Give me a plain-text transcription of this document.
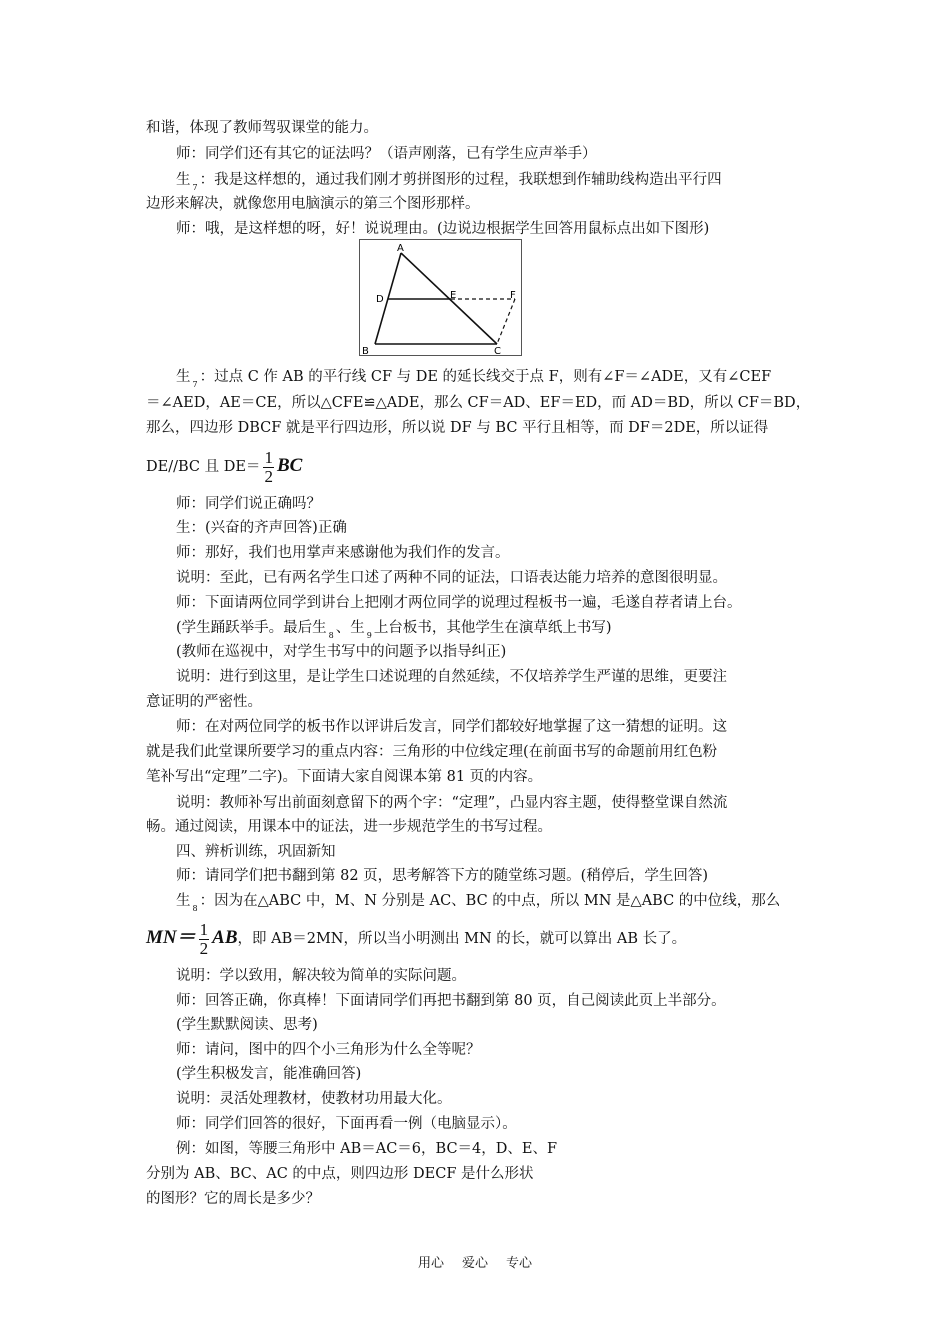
和谐，体现了教师驾驭课堂的能力。
师：同学们还有其它的证法吗？（语声刚落，已有学生应声举手）
生 $_7$ ：我是这样想的，通过我们刚才剪拼图形的过程，我联想到作辅助线构造出平行四
边形来解决，就像您用电脑演示的第三个图形那样。
师：哦，是这样想的呀，好！说说理由。(边说边根据学生回答用鼠标点出如下图形)
A
D	E	F
B	C
生 $_7$ ：过点 C 作 AB 的平行线 CF 与 DE 的延长线交于点 F，则有∠F＝∠ADE，又有∠CEF
＝∠AED，AE＝CE，所以△CFE≌△ADE，那么 CF＝AD、EF＝ED，而 AD＝BD，所以 CF＝BD，
那么，四边形 DBCF 就是平行四边形，所以说 DF 与 BC 平行且相等，而 DF＝2DE，所以证得
DE//BC 且 $DE= \frac{1}{2}$ BC
师：同学们说正确吗？
生：(兴奋的齐声回答)正确
师：那好，我们也用掌声来感谢他为我们作的发言。
说明：至此，已有两名学生口述了两种不同的证法，口语表达能力培养的意图很明显。
师：下面请两位同学到讲台上把刚才两位同学的说理过程板书一遍，毛遂自荐者请上台。
(学生踊跃举手。最后生 $_8$ 、生 $_9$ 上台板书，其他学生在演草纸上书写)
(教师在巡视中，对学生书写中的问题予以指导纠正)
说明：进行到这里，是让学生口述说理的自然延续，不仅培养学生严谨的思维，更要注
意证明的严密性。
师：在对两位同学的板书作以评讲后发言，同学们都较好地掌握了这一猜想的证明。这
就是我们此堂课所要学习的重点内容：三角形的中位线定理(在前面书写的命题前用红色粉
笔补写出“定理”二字)。下面请大家自阅课本第 81 页的内容。
说明：教师补写出前面刻意留下的两个字：“定理”，凸显内容主题，使得整堂课自然流
畅。通过阅读，用课本中的证法，进一步规范学生的书写过程。
四、辨析训练，巩固新知
师：请同学们把书翻到第 82 页，思考解答下方的随堂练习题。(稍停后，学生回答)
生 $_8$ ：因为在△ABC 中，M、N 分别是 AC、BC 的中点，所以 MN 是△ABC 的中位线，那么
$MN= \frac{1}{2}$ AB，即 AB＝2MN，所以当小明测出 MN 的长，就可以算出 AB 长了。
说明：学以致用，解决较为简单的实际问题。
师：回答正确，你真棒！下面请同学们再把书翻到第 80 页，自己阅读此页上半部分。
(学生默默阅读、思考)
师：请问，图中的四个小三角形为什么全等呢？
(学生积极发言，能准确回答)
说明：灵活处理教材，使教材功用最大化。
师：同学们回答的很好，下面再看一例（电脑显示）。
例：如图，等腰三角形中 AB＝AC＝6，BC＝4，D、E、F
分别为 AB、BC、AC 的中点，则四边形 DECF 是什么形状
的图形？它的周长是多少？
用心 爱心 专心
